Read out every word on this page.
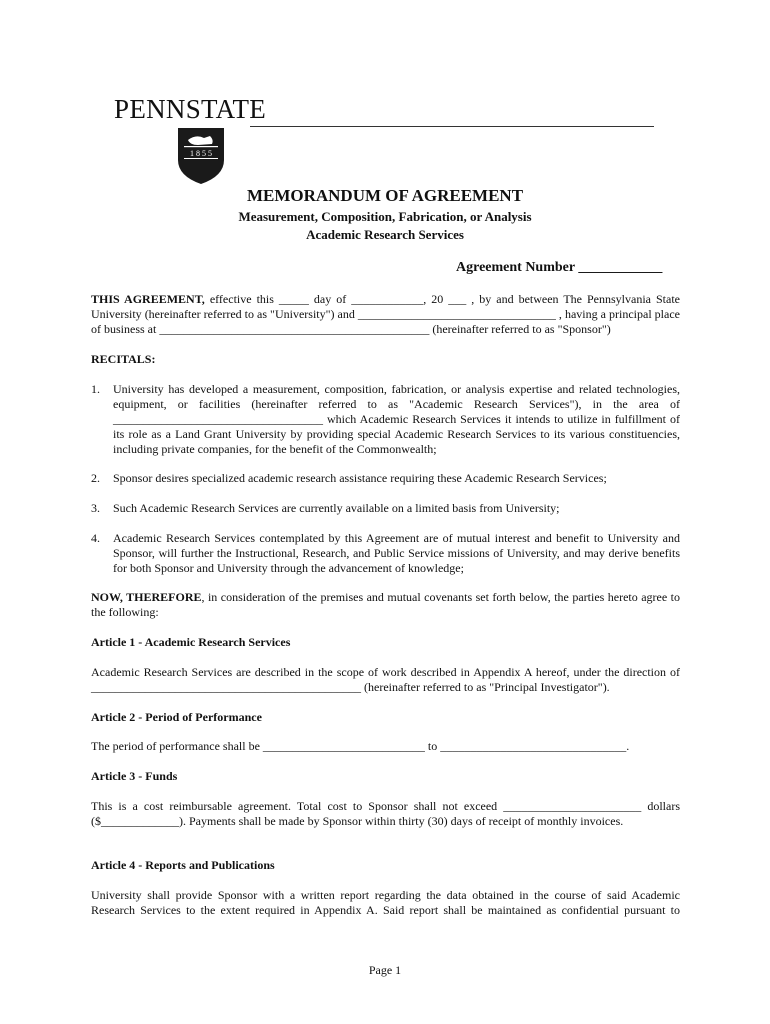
PENNSTATE
1 8 5 5

MEMORANDUM OF AGREEMENT

Measurement, Composition, Fabrication, or Analysis

Academic Research Services

Agreement Number ____________

THIS AGREEMENT, effective this _____ day of ____________, 20 ___ , by and between The Pennsylvania State University (hereinafter referred to as "University") and _________________________________ , having a principal place of business at _____________________________________________ (hereinafter referred to as "Sponsor")

RECITALS:

1. University has developed a measurement, composition, fabrication, or analysis expertise and related technologies, equipment, or facilities (hereinafter referred to as "Academic Research Services"), in the area of ___________________________________ which Academic Research Services it intends to utilize in fulfillment of its role as a Land Grant University by providing special Academic Research Services to its various constituencies, including private companies, for the benefit of the Commonwealth;
2. Sponsor desires specialized academic research assistance requiring these Academic Research Services;
3. Such Academic Research Services are currently available on a limited basis from University;
4. Academic Research Services contemplated by this Agreement are of mutual interest and benefit to University and Sponsor, will further the Instructional, Research, and Public Service missions of University, and may derive benefits for both Sponsor and University through the advancement of knowledge;

NOW, THEREFORE, in consideration of the premises and mutual covenants set forth below, the parties hereto agree to the following:

Article 1 - Academic Research Services

Academic Research Services are described in the scope of work described in Appendix A hereof, under the direction of _____________________________________________ (hereinafter referred to as "Principal Investigator").

Article 2 - Period of Performance

The period of performance shall be ___________________________ to _______________________________.

Article 3 - Funds

This is a cost reimbursable agreement. Total cost to Sponsor shall not exceed _______________________ dollars ($_____________). Payments shall be made by Sponsor within thirty (30) days of receipt of monthly invoices.

Article 4 - Reports and Publications

University shall provide Sponsor with a written report regarding the data obtained in the course of said Academic Research Services to the extent required in Appendix A. Said report shall be maintained as confidential pursuant to

Page 1
